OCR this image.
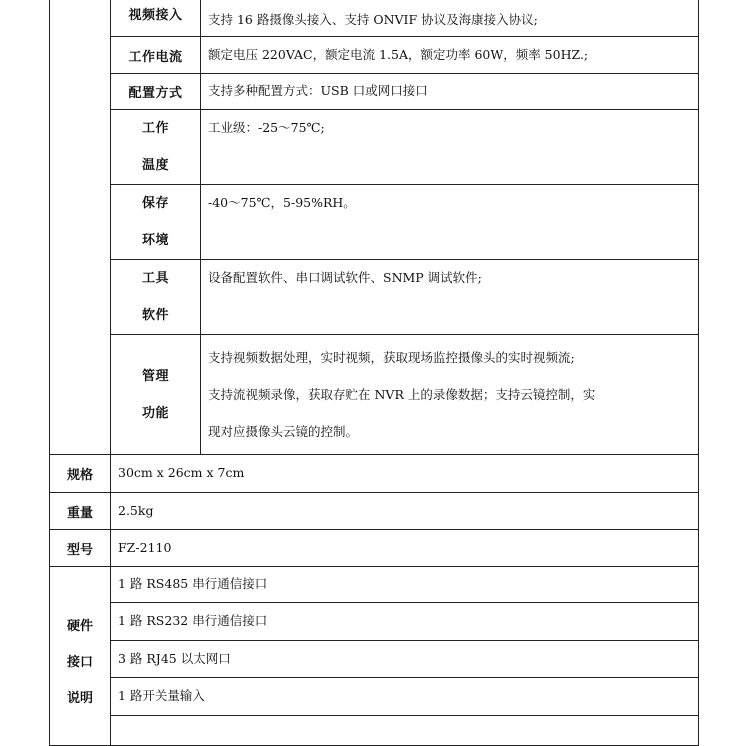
	视频接入	支持 16 路摄像头接入、支持 ONVIF 协议及海康接入协议;
	工作电流	额定电压 220VAC，额定电流 1.5A，额定功率 60W，频率 50HZ.;
	配置方式	支持多种配置方式：USB 口或网口接口

	工作
温度	工业级：-25～75℃;

	保存
环境	-40～75℃，5-95%RH。

	工具
软件	设备配置软件、串口调试软件、SNMP 调试软件;

	管理
功能	支持视频数据处理，实时视频，获取现场监控摄像头的实时视频流;
支持流视频录像，获取存贮在 NVR 上的录像数据；支持云镜控制，实
现对应摄像头云镜的控制。

规格	30cm x 26cm x 7cm	
重量	2.5kg	
型号	FZ-2110	

硬件
接口
说明	1 路 RS485 串行通信接口	
	1 路 RS232 串行通信接口	
	3 路 RJ45 以太网口	
	1 路开关量输入	
